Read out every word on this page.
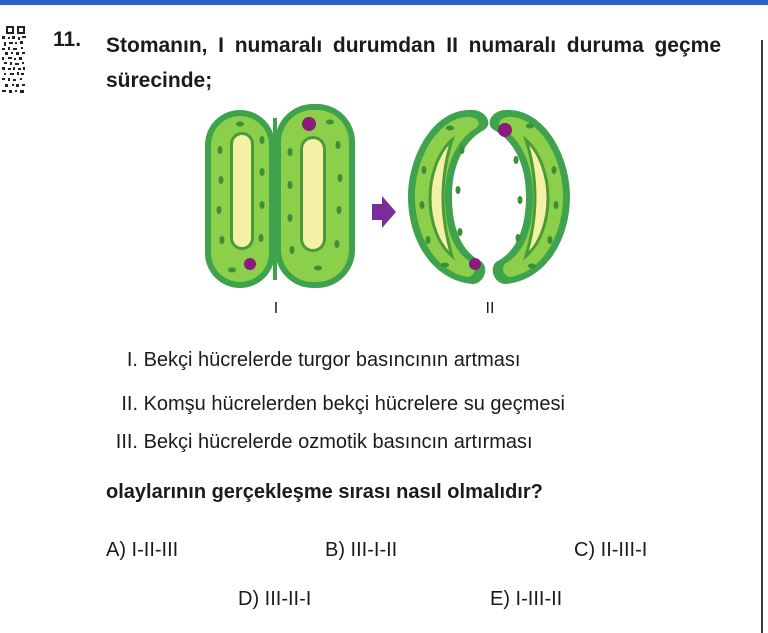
11. Stomanın, I numaralı durumdan II numaralı duruma geçme sürecinde;
I	II
I. Bekçi hücrelerde turgor basıncının artması
II. Komşu hücrelerden bekçi hücrelere su geçmesi
III. Bekçi hücrelerde ozmotik basıncın artırması
olaylarının gerçekleşme sırası nasıl olmalıdır?
A) I-II-III	B) III-I-II	C) II-III-I
D) III-II-I	E) I-III-II
